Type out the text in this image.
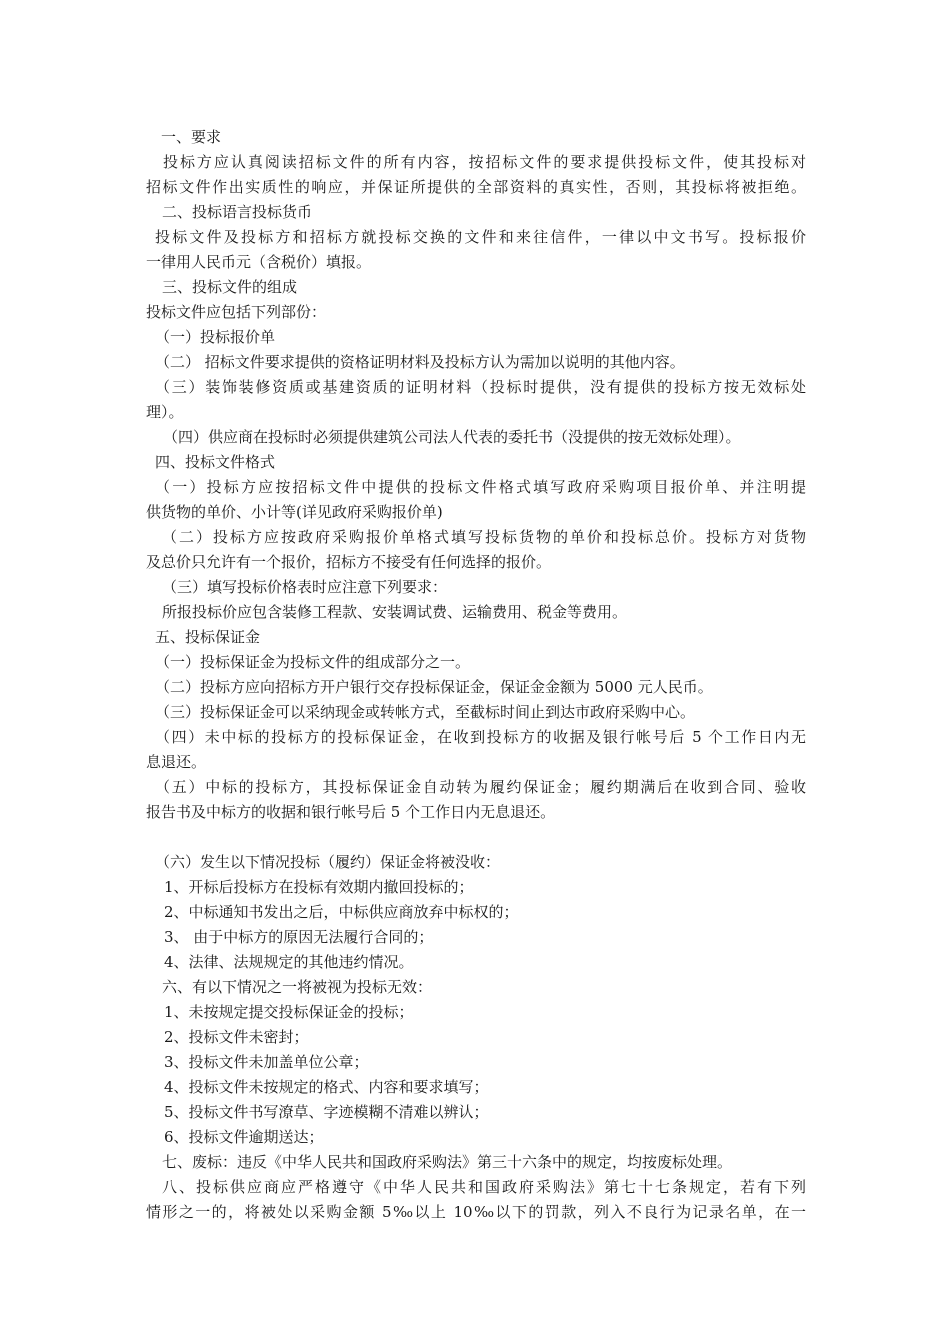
　一、要求
　投标方应认真阅读招标文件的所有内容，按招标文件的要求提供投标文件，使其投标对
招标文件作出实质性的响应，并保证所提供的全部资料的真实性，否则，其投标将被拒绝。
二、投标语言投标货币
投标文件及投标方和招标方就投标交换的文件和来往信件，一律以中文书写。投标报价
一律用人民币元（含税价）填报。
三、投标文件的组成
投标文件应包括下列部份：
（一）投标报价单
（二） 招标文件要求提供的资格证明材料及投标方认为需加以说明的其他内容。
（三）装饰装修资质或基建资质的证明材料（投标时提供，没有提供的投标方按无效标处
理）。
（四）供应商在投标时必须提供建筑公司法人代表的委托书（没提供的按无效标处理）。
四、投标文件格式
（一）投标方应按招标文件中提供的投标文件格式填写政府采购项目报价单、并注明提
供货物的单价、小计等(详见政府采购报价单)
（二）投标方应按政府采购报价单格式填写投标货物的单价和投标总价。投标方对货物
及总价只允许有一个报价，招标方不接受有任何选择的报价。
（三）填写投标价格表时应注意下列要求：
所报投标价应包含装修工程款、安装调试费、运输费用、税金等费用。
五、投标保证金
（一）投标保证金为投标文件的组成部分之一。
（二）投标方应向招标方开户银行交存投标保证金，保证金金额为 5000 元人民币。
（三）投标保证金可以采纳现金或转帐方式，至截标时间止到达市政府采购中心。
（四）未中标的投标方的投标保证金，在收到投标方的收据及银行帐号后 5 个工作日内无
息退还。
（五）中标的投标方，其投标保证金自动转为履约保证金；履约期满后在收到合同、验收
报告书及中标方的收据和银行帐号后 5 个工作日内无息退还。
（六）发生以下情况投标（履约）保证金将被没收：
1、开标后投标方在投标有效期内撤回投标的；
2、中标通知书发出之后，中标供应商放弃中标权的；
3、 由于中标方的原因无法履行合同的；
4、法律、法规规定的其他违约情况。
六、有以下情况之一将被视为投标无效：
1、未按规定提交投标保证金的投标；
2、投标文件未密封；
3、投标文件未加盖单位公章；
4、投标文件未按规定的格式、内容和要求填写；
5、投标文件书写潦草、字迹模糊不清难以辨认；
6、投标文件逾期送达；
七、废标：违反《中华人民共和国政府采购法》第三十六条中的规定，均按废标处理。
八、投标供应商应严格遵守《中华人民共和国政府采购法》第七十七条规定，若有下列
情形之一的，将被处以采购金额 5‰以上 10‰以下的罚款，列入不良行为记录名单，在一
